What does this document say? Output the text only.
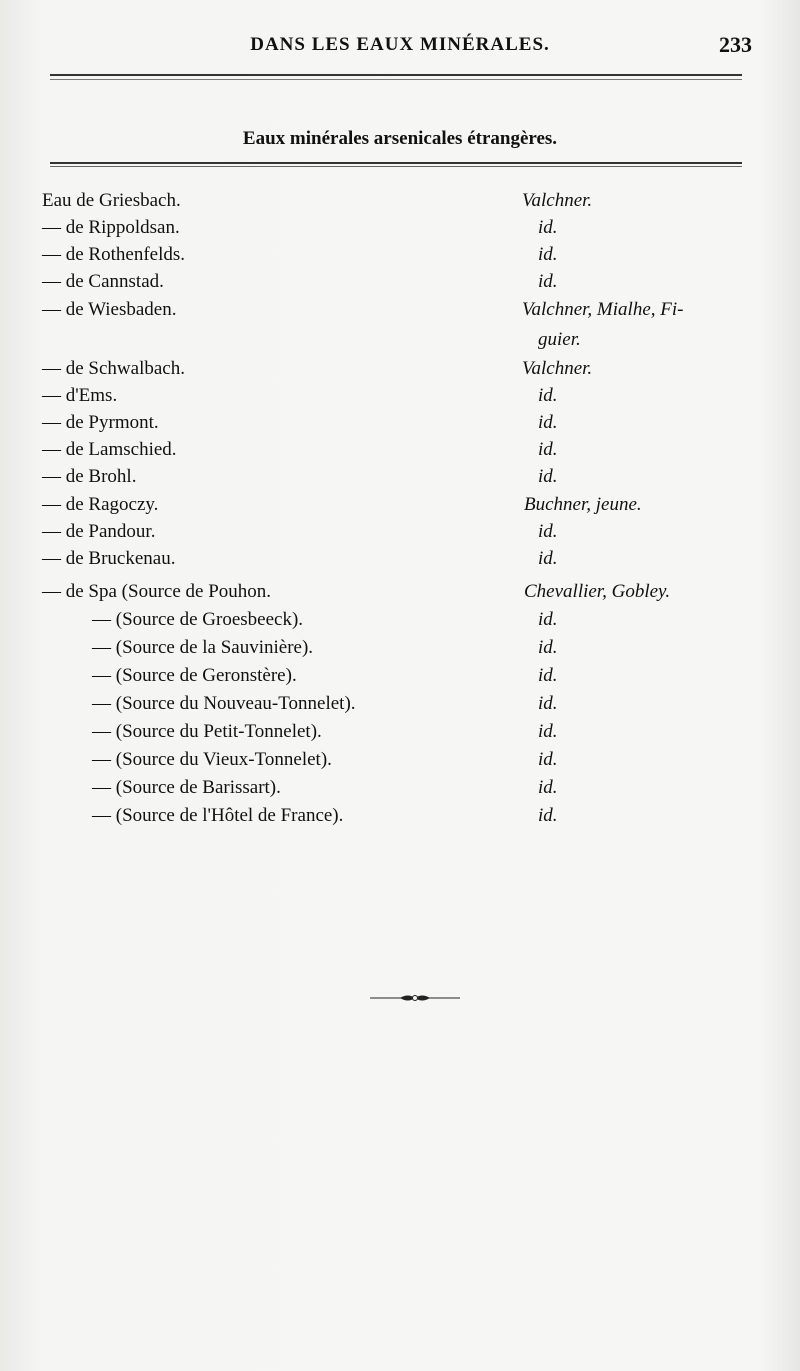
DANS LES EAUX MINÉRALES.	233
Eaux minérales arsenicales étrangères.
Eau de Griesbach.	Valchner.
— de Rippoldsan.	id.
— de Rothenfelds.	id.
— de Cannstad.	id.
— de Wiesbaden.	Valchner, Mialhe, Fi-
guier.
— de Schwalbach.	Valchner.
— d'Ems.	id.
— de Pyrmont.	id.
— de Lamschied.	id.
— de Brohl.	id.
— de Ragoczy.	Buchner, jeune.
— de Pandour.	id.
— de Bruckenau.	id.
— de Spa (Source de Pouhon.	Chevallier, Gobley.
— (Source de Groesbeeck).	id.
— (Source de la Sauvinière).	id.
— (Source de Geronstère).	id.
— (Source du Nouveau-Tonnelet).	id.
— (Source du Petit-Tonnelet).	id.
— (Source du Vieux-Tonnelet).	id.
— (Source de Barissart).	id.
— (Source de l'Hôtel de France).	id.
